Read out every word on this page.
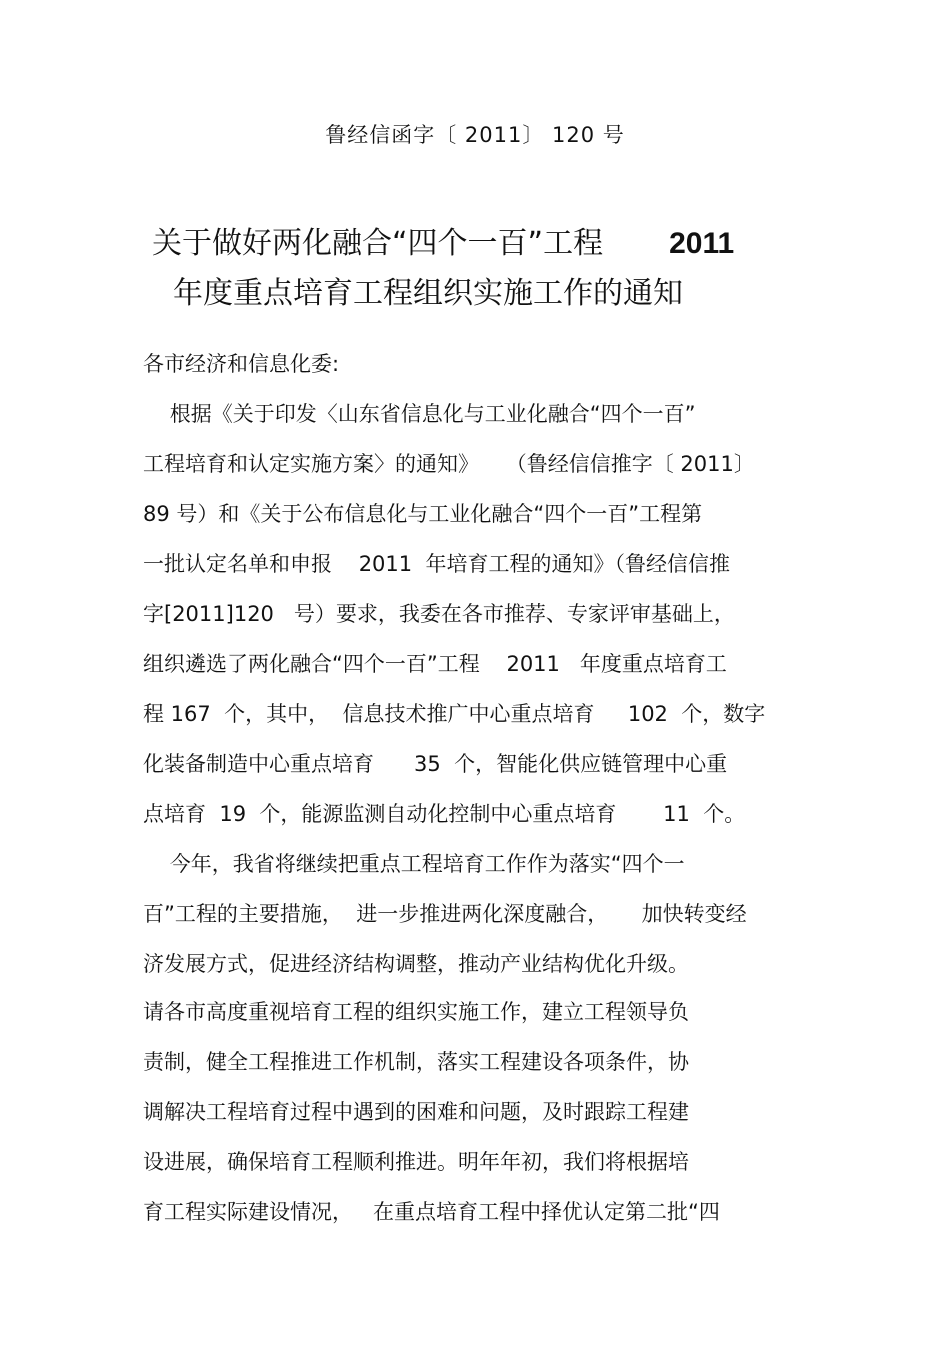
鲁经信函字〔 2011〕 120 号
关于做好两化融合“四个一百”工程 2011
年度重点培育工程组织实施工作的通知
各市经济和信息化委:
根据《关于印发〈山东省信息化与工业化融合“四个一百”
工程培育和认定实施方案〉的通知》    （鲁经信信推字〔 2011〕
89 号）和《关于公布信息化与工业化融合“四个一百”工程第
一批认定名单和申报    2011  年培育工程的通知》（鲁经信信推
字[2011]120   号）要求，我委在各市推荐、专家评审基础上，
组织遴选了两化融合“四个一百”工程    2011   年度重点培育工
程 167  个，其中，  信息技术推广中心重点培育     102  个，数字
化装备制造中心重点培育      35  个，智能化供应链管理中心重
点培育  19  个，能源监测自动化控制中心重点培育       11  个。
今年，我省将继续把重点工程培育工作作为落实“四个一
百”工程的主要措施，  进一步推进两化深度融合，     加快转变经
济发展方式，促进经济结构调整，推动产业结构优化升级。
请各市高度重视培育工程的组织实施工作，建立工程领导负
责制，健全工程推进工作机制，落实工程建设各项条件，协
调解决工程培育过程中遇到的困难和问题，及时跟踪工程建
设进展，确保培育工程顺利推进。明年年初，我们将根据培
育工程实际建设情况，   在重点培育工程中择优认定第二批“四
